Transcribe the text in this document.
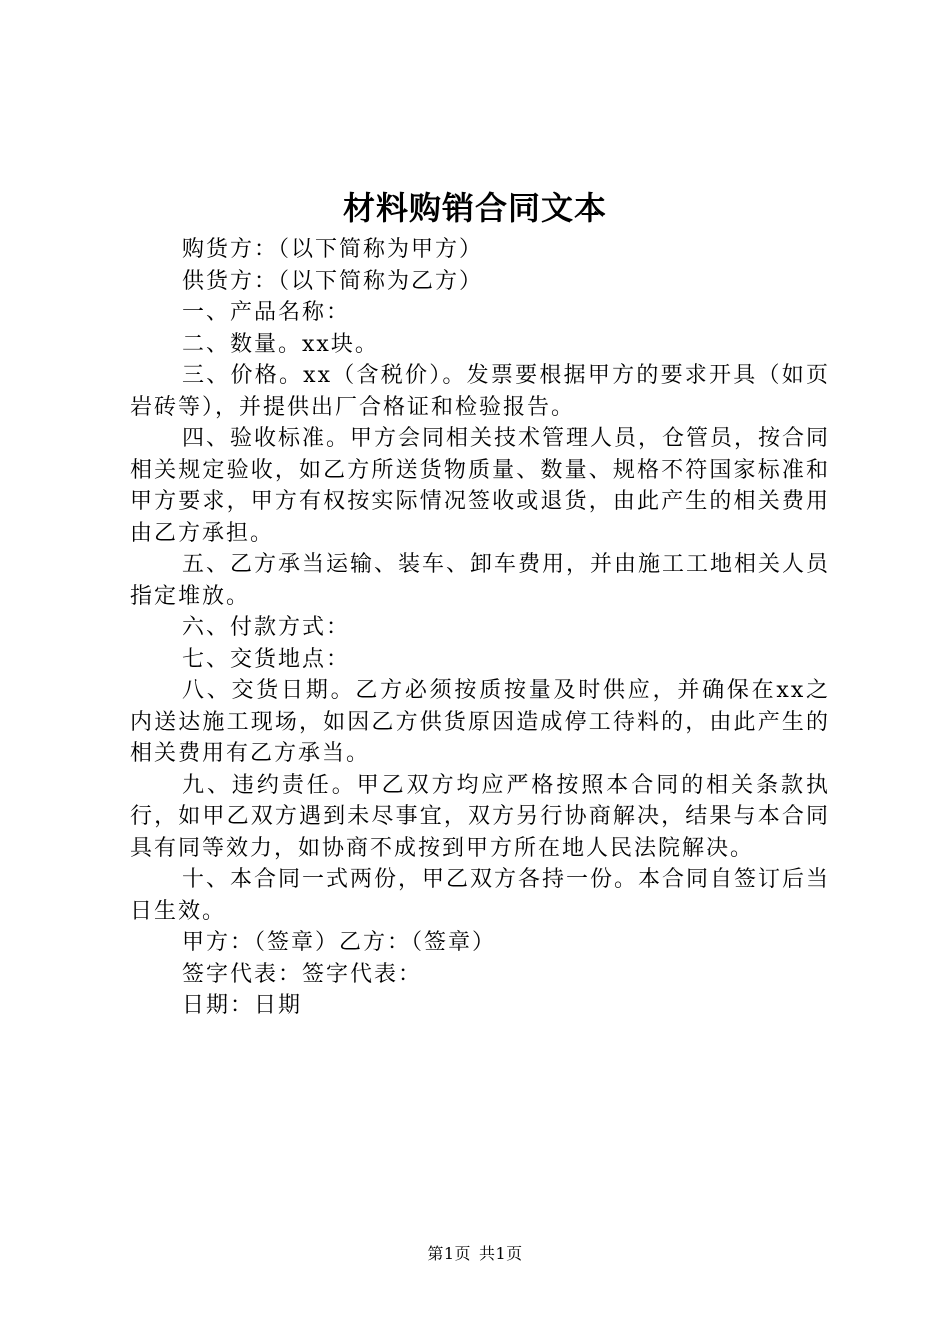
材料购销合同文本

购货方：（以下简称为甲方）

供货方：（以下简称为乙方）

一、产品名称：

二、数量。xx块。

三、价格。xx（含税价）。发票要根据甲方的要求开具（如页岩砖等），并提供出厂合格证和检验报告。

四、验收标准。甲方会同相关技术管理人员，仓管员，按合同相关规定验收，如乙方所送货物质量、数量、规格不符国家标准和甲方要求，甲方有权按实际情况签收或退货，由此产生的相关费用由乙方承担。

五、乙方承当运输、装车、卸车费用，并由施工工地相关人员指定堆放。

六、付款方式：

七、交货地点：

八、交货日期。乙方必须按质按量及时供应，并确保在xx之内送达施工现场，如因乙方供货原因造成停工待料的，由此产生的相关费用有乙方承当。

九、违约责任。甲乙双方均应严格按照本合同的相关条款执行，如甲乙双方遇到未尽事宜，双方另行协商解决，结果与本合同具有同等效力，如协商不成按到甲方所在地人民法院解决。

十、本合同一式两份，甲乙双方各持一份。本合同自签订后当日生效。

甲方：（签章）乙方：（签章）

签字代表：签字代表：

日期：日期

第1页 共1页
